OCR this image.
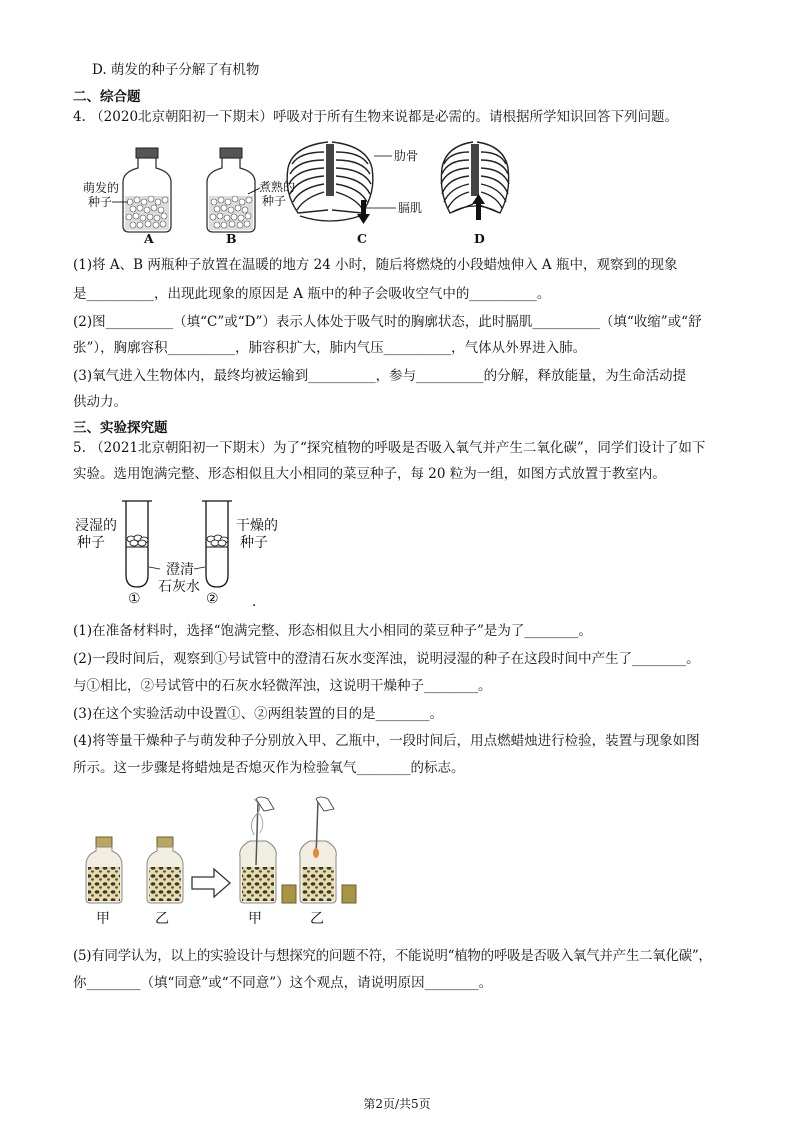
D. 萌发的种子分解了有机物
二、综合题
4. （2020北京朝阳初一下期末）呼吸对于所有生物来说都是必需的。请根据所学知识回答下列问题。
萌发的
种子
煮熟的
种子
肋骨
膈肌
A	B	C	D
(1)将 A、B 两瓶种子放置在温暖的地方 24 小时，随后将燃烧的小段蜡烛伸入 A 瓶中，观察到的现象
是__________，出现此现象的原因是 A 瓶中的种子会吸收空气中的__________。
(2)图__________（填“C”或“D”）表示人体处于吸气时的胸廓状态，此时膈肌__________（填“收缩”或“舒
张”），胸廓容积__________，肺容积扩大，肺内气压__________，气体从外界进入肺。
(3)氧气进入生物体内，最终均被运输到__________，参与__________的分解，释放能量，为生命活动提
供动力。
三、实验探究题
5. （2021北京朝阳初一下期末）为了“探究植物的呼吸是否吸入氧气并产生二氧化碳”，同学们设计了如下
实验。选用饱满完整、形态相似且大小相同的菜豆种子，每 20 粒为一组，如图方式放置于教室内。
浸湿的
种子
干燥的
种子
澄清
石灰水
①	② .
(1)在准备材料时，选择“饱满完整、形态相似且大小相同的菜豆种子”是为了________。
(2)一段时间后，观察到①号试管中的澄清石灰水变浑浊，说明浸湿的种子在这段时间中产生了________。
与①相比，②号试管中的石灰水轻微浑浊，这说明干燥种子________。
(3)在这个实验活动中设置①、②两组装置的目的是________。
(4)将等量干燥种子与萌发种子分别放入甲、乙瓶中，一段时间后，用点燃蜡烛进行检验，装置与现象如图
所示。这一步骤是将蜡烛是否熄灭作为检验氧气________的标志。
甲	乙	甲	乙
(5)有同学认为，以上的实验设计与想探究的问题不符，不能说明“植物的呼吸是否吸入氧气并产生二氧化碳”，
你________（填“同意”或“不同意”）这个观点，请说明原因________。
第2页/共5页
